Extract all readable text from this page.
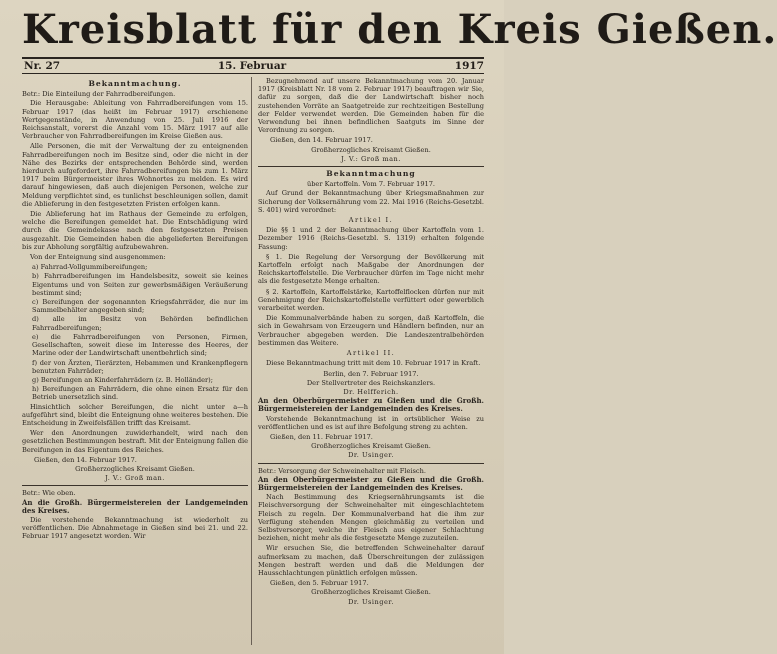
Kreisblatt für den Kreis Gießen.
Nr. 27	15. Februar	1917

Bekanntmachung.

Betr.: Die Einteilung der Fahrradbereifungen.

Die Herausgabe: Ableitung von Fahrradbereifungen vom 15. Februar 1917 (das heißt im Februar 1917) erschienene Wertgegenstände, in Anwendung von 25. Juli 1916 der Reichsanstalt, vorerst die Anzahl vom 15. März 1917 auf alle Verbraucher von Fahrradbereifungen im Kreise Gießen aus.

Alle Personen, die mit der Verwaltung der zu enteignenden Fahrradbereifungen noch im Besitze sind, oder die nicht in der Nähe des Bezirks der entsprechenden Behörde sind, werden hierdurch aufgefordert, ihre Fahrradbereifungen bis zum 1. März 1917 beim Bürgermeister ihres Wohnortes zu melden. Es wird darauf hingewiesen, daß auch diejenigen Personen, welche zur Meldung verpflichtet sind, es tunlichst beschleunigen sollen, damit die Ablieferung in den festgesetzten Fristen erfolgen kann.

Die Ablieferung hat im Rathaus der Gemeinde zu erfolgen, welche die Bereifungen gemeldet hat. Die Entschädigung wird durch die Gemeindekasse nach den festgesetzten Preisen ausgezahlt. Die Gemeinden haben die abgelieferten Bereifungen bis zur Abholung sorgfältig aufzubewahren.

Von der Enteignung sind ausgenommen:

a) Fahrrad-Vollgummibereifungen;

b) Fahrradbereifungen im Handelsbesitz, soweit sie keines Eigentums und von Seiten zur gewerbsmäßigen Veräußerung bestimmt sind;

c) Bereifungen der sogenannten Kriegsfahrräder, die nur im Sammelbehälter angegeben sind;

d) alle im Besitz von Behörden befindlichen Fahrradbereifungen;

e) die Fahrradbereifungen von Personen, Firmen, Gesellschaften, soweit diese im Interesse des Heeres, der Marine oder der Landwirtschaft unentbehrlich sind;

f) der von Ärzten, Tierärzten, Hebammen und Krankenpflegern benutzten Fahrräder;

g) Bereifungen an Kinderfahrrädern (z. B. Holländer);

h) Bereifungen an Fahrrädern, die ohne einen Ersatz für den Betrieb unersetzlich sind.

Hinsichtlich solcher Bereifungen, die nicht unter a—h aufgeführt sind, bleibt die Enteignung ohne weiteres bestehen. Die Entscheidung in Zweifelsfällen trifft das Kreisamt.

Wer den Anordnungen zuwiderhandelt, wird nach den gesetzlichen Bestimmungen bestraft. Mit der Enteignung fallen die Bereifungen in das Eigentum des Reiches.

Gießen, den 14. Februar 1917.

Großherzogliches Kreisamt Gießen.

J. V.: Groß man.

Betr.: Wie oben.

An die Großh. Bürgermeistereien der Landgemeinden des Kreises.

Die vorstehende Bekanntmachung ist wiederholt zu veröffentlichen. Die Abnahmetage in Gießen sind bei 21. und 22. Februar 1917 angesetzt worden. Wir

Bezugnehmend auf unsere Bekanntmachung vom 20. Januar 1917 (Kreisblatt Nr. 18 vom 2. Februar 1917) beauftragen wir Sie, dafür zu sorgen, daß die der Landwirtschaft bisher noch zustehenden Vorräte an Saatgetreide zur rechtzeitigen Bestellung der Felder verwendet werden. Die Gemeinden haben für die Verwendung bei ihnen befindlichen Saatguts im Sinne der Verordnung zu sorgen.

Gießen, den 14. Februar 1917.

Großherzogliches Kreisamt Gießen.

J. V.: Groß man.

Bekanntmachung

über Kartoffeln. Vom 7. Februar 1917.

Auf Grund der Bekanntmachung über Kriegsmaßnahmen zur Sicherung der Volksernährung vom 22. Mai 1916 (Reichs-Gesetzbl. S. 401) wird verordnet:

Artikel I.

Die §§ 1 und 2 der Bekanntmachung über Kartoffeln vom 1. Dezember 1916 (Reichs-Gesetzbl. S. 1319) erhalten folgende Fassung:

§ 1. Die Regelung der Versorgung der Bevölkerung mit Kartoffeln erfolgt nach Maßgabe der Anordnungen der Reichskartoffelstelle. Die Verbraucher dürfen im Tage nicht mehr als die festgesetzte Menge erhalten.

§ 2. Kartoffeln, Kartoffelstärke, Kartoffelflocken dürfen nur mit Genehmigung der Reichskartoffelstelle verfüttert oder gewerblich verarbeitet werden.

Die Kommunalverbände haben zu sorgen, daß Kartoffeln, die sich in Gewahrsam von Erzeugern und Händlern befinden, nur an Verbraucher abgegeben werden. Die Landeszentralbehörden bestimmen das Weitere.

Artikel II.

Diese Bekanntmachung tritt mit dem 10. Februar 1917 in Kraft.

Berlin, den 7. Februar 1917.

Der Stellvertreter des Reichskanzlers.

Dr. Helfferich.

An den Oberbürgermeister zu Gießen und die Großh. Bürgermeistereien der Landgemeinden des Kreises.

Vorstehende Bekanntmachung ist in ortsüblicher Weise zu veröffentlichen und es ist auf ihre Befolgung streng zu achten.

Gießen, den 11. Februar 1917.

Großherzogliches Kreisamt Gießen.

Dr. Usinger.

Betr.: Versorgung der Schweinehalter mit Fleisch.

An den Oberbürgermeister zu Gießen und die Großh. Bürgermeistereien der Landgemeinden des Kreises.

Nach Bestimmung des Kriegsernährungsamts ist die Fleischversorgung der Schweinehalter mit eingeschlachtetem Fleisch zu regeln. Der Kommunalverband hat die ihm zur Verfügung stehenden Mengen gleichmäßig zu verteilen und Selbstversorger, welche ihr Fleisch aus eigener Schlachtung beziehen, nicht mehr als die festgesetzte Menge zuzuteilen.

Wir ersuchen Sie, die betreffenden Schweinehalter darauf aufmerksam zu machen, daß Überschreitungen der zulässigen Mengen bestraft werden und daß die Meldungen der Hausschlachtungen pünktlich erfolgen müssen.

Gießen, den 5. Februar 1917.

Großherzogliches Kreisamt Gießen.

Dr. Usinger.
